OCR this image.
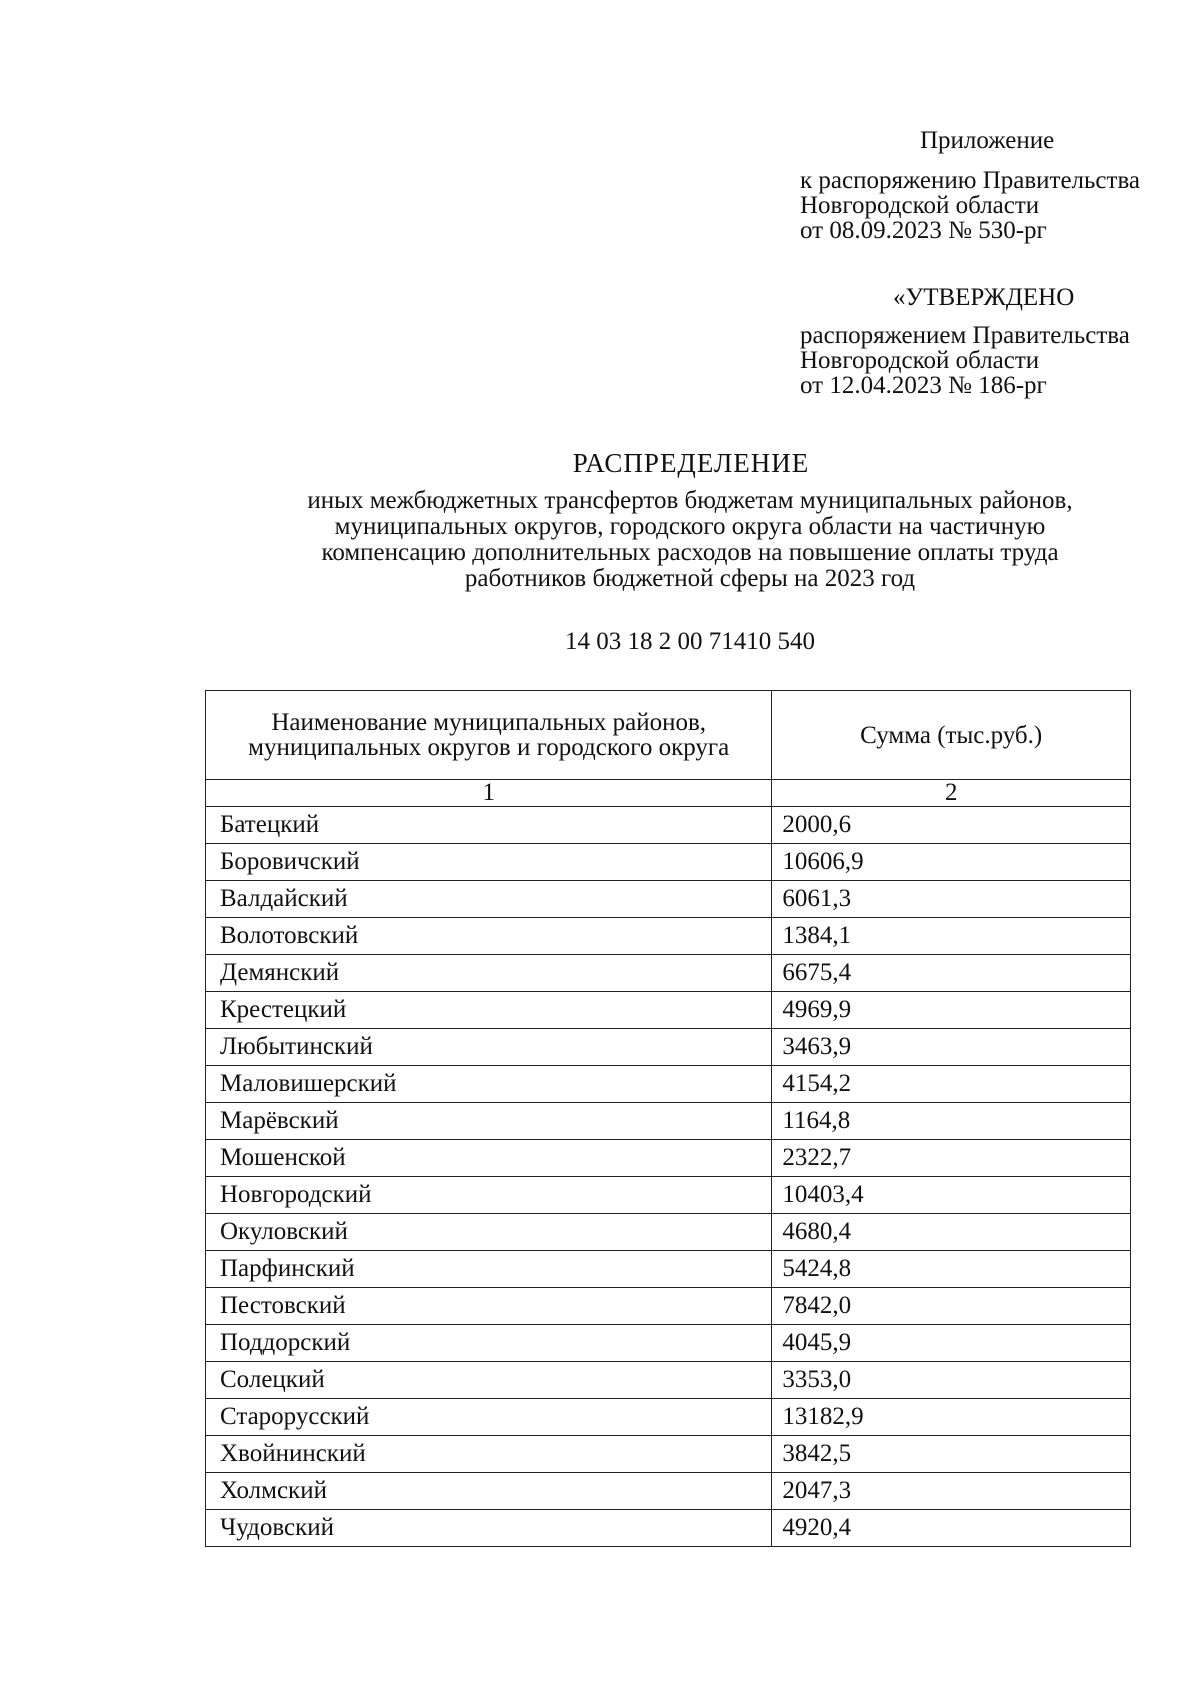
Приложение
к распоряжению Правительства
Новгородской области
от 08.09.2023 № 530-рг
«УТВЕРЖДЕНО
распоряжением Правительства
Новгородской области
от 12.04.2023 № 186-рг
РАСПРЕДЕЛЕНИЕ
иных межбюджетных трансфертов бюджетам муниципальных районов,
муниципальных округов, городского округа области на частичную
компенсацию дополнительных расходов на повышение оплаты труда
работников бюджетной сферы на 2023 год
14 03 18 2 00 71410 540
Наименование муниципальных районов,
муниципальных округов и городского округа	Сумма (тыс.руб.)
1	2
Батецкий	2000,6
Боровичский	10606,9
Валдайский	6061,3
Волотовский	1384,1
Демянский	6675,4
Крестецкий	4969,9
Любытинский	3463,9
Маловишерский	4154,2
Марёвский	1164,8
Мошенской	2322,7
Новгородский	10403,4
Окуловский	4680,4
Парфинский	5424,8
Пестовский	7842,0
Поддорский	4045,9
Солецкий	3353,0
Старорусский	13182,9
Хвойнинский	3842,5
Холмский	2047,3
Чудовский	4920,4
